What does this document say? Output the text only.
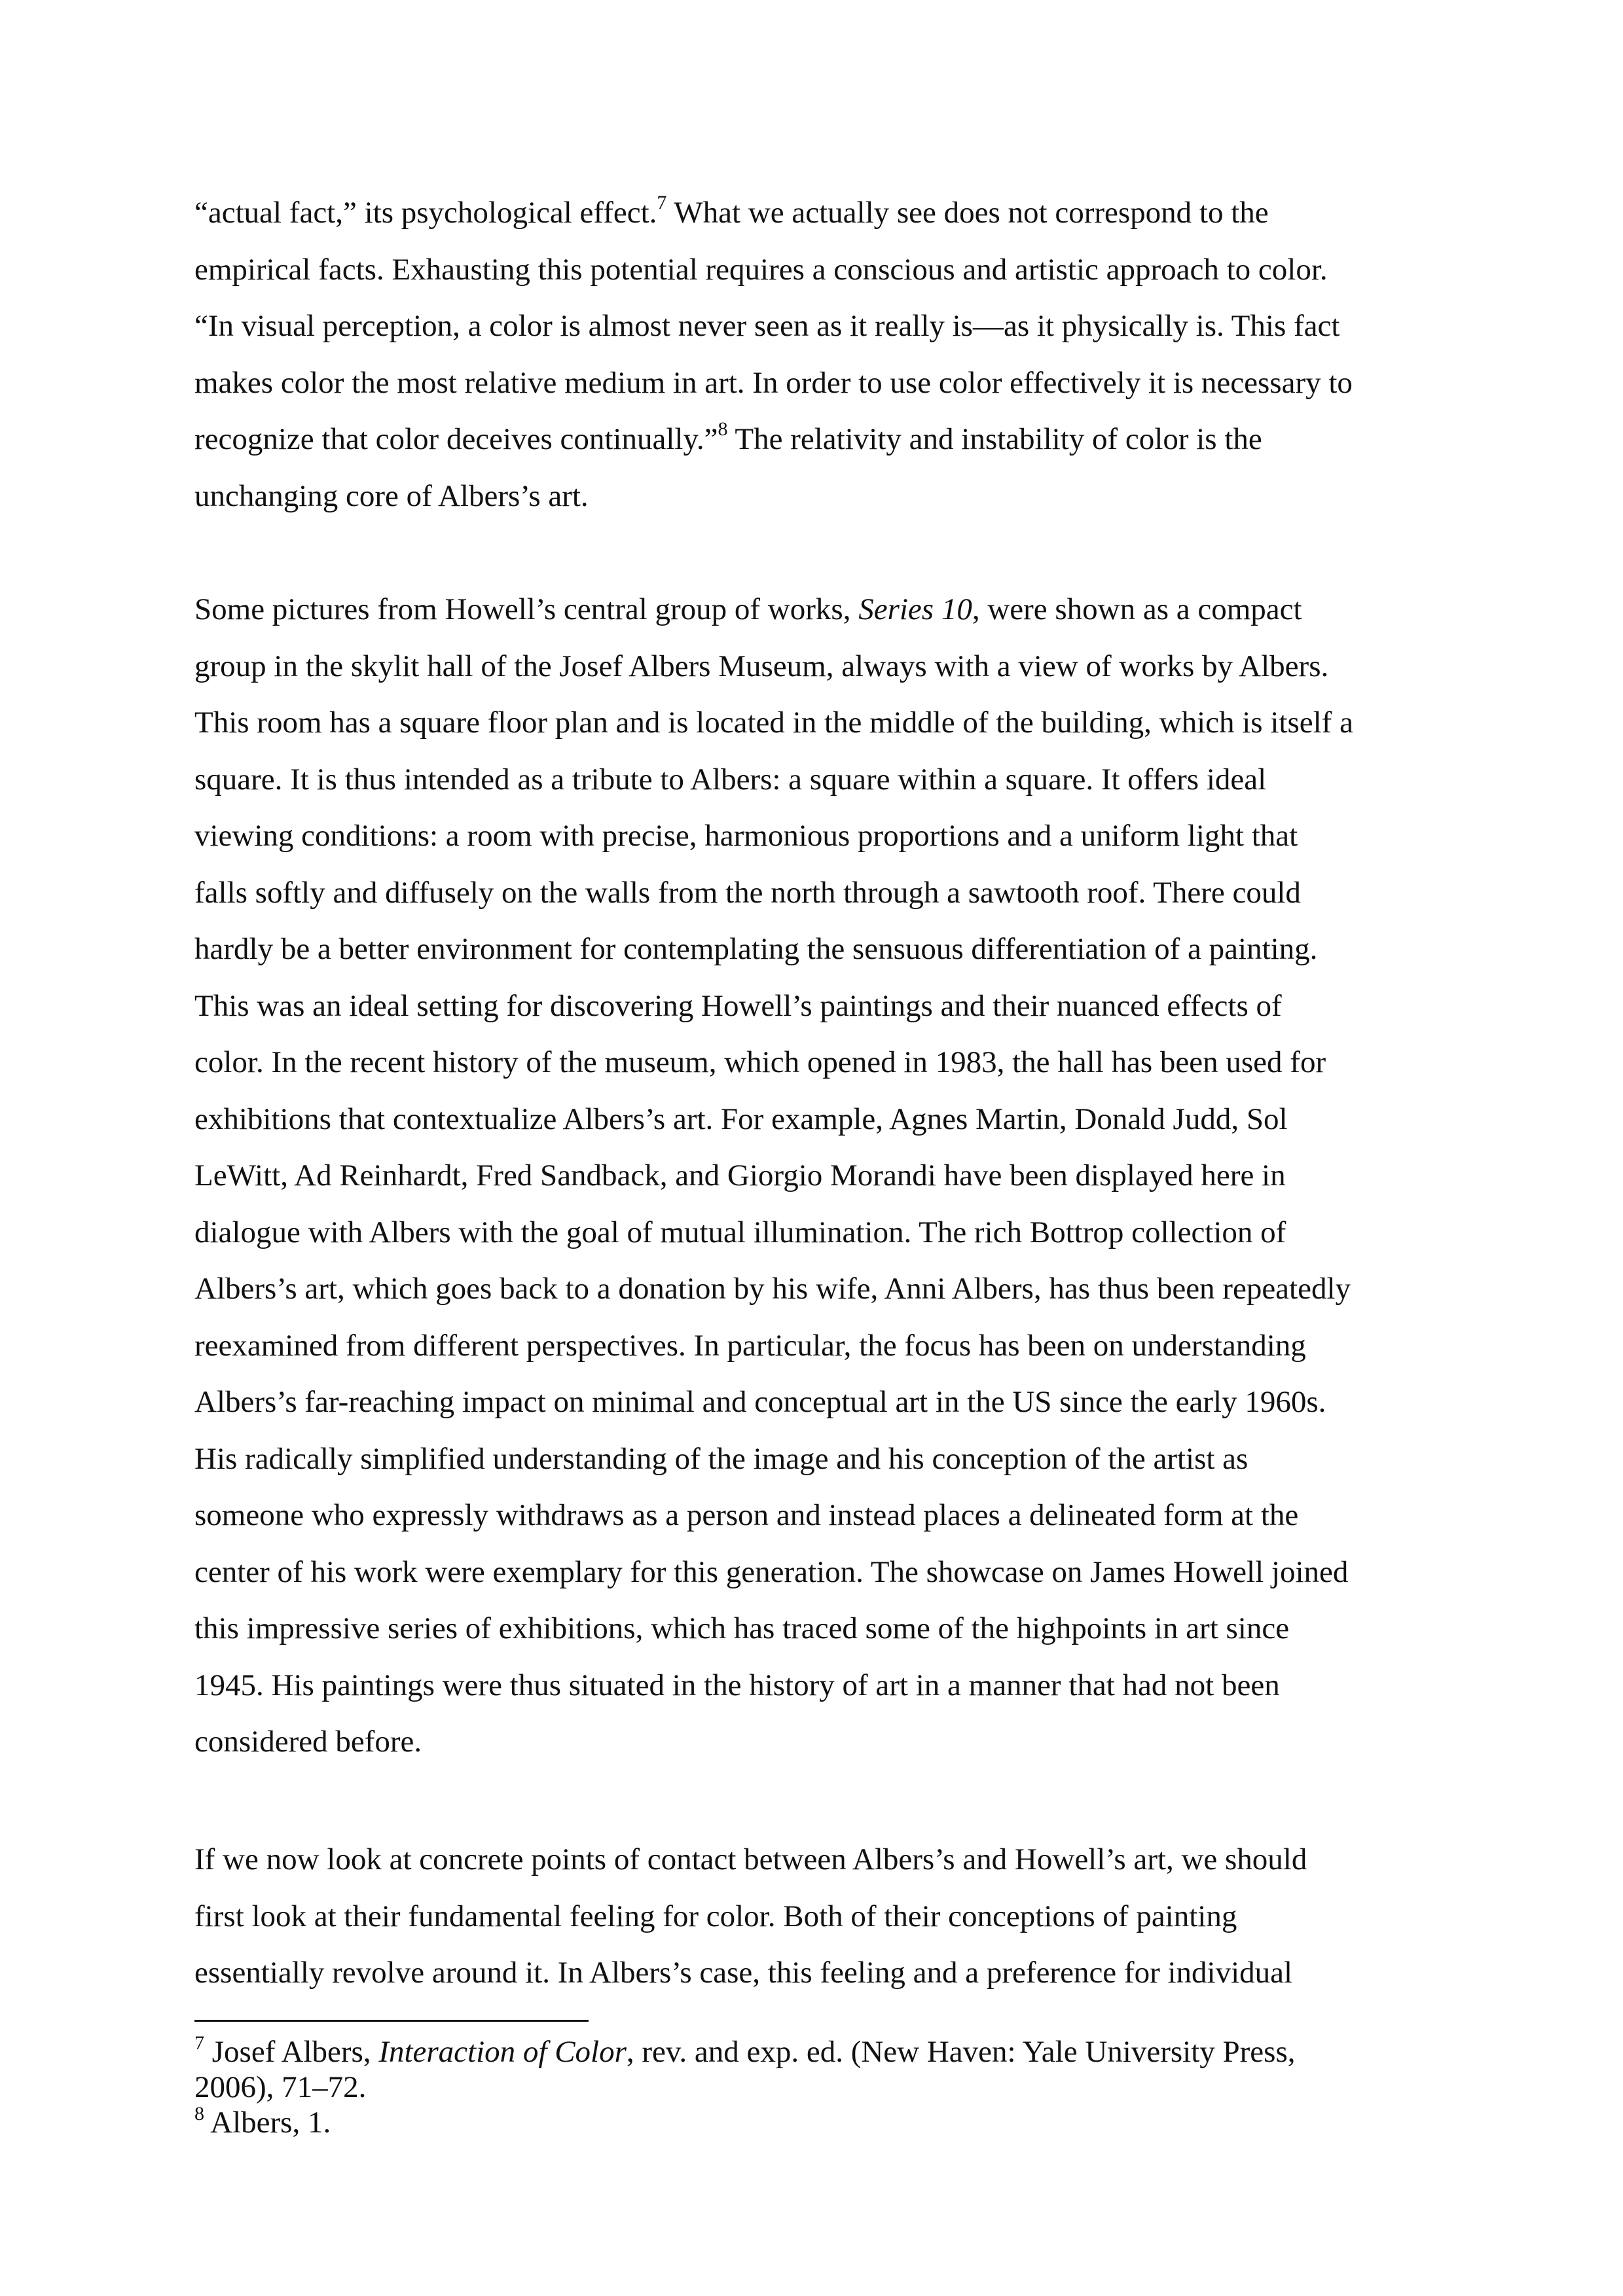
“actual fact,” its psychological effect.$^7$ What we actually see does not correspond to the
empirical facts. Exhausting this potential requires a conscious and artistic approach to color.
“In visual perception, a color is almost never seen as it really is—as it physically is. This fact
makes color the most relative medium in art. In order to use color effectively it is necessary to
recognize that color deceives continually.”$^8$ The relativity and instability of color is the
unchanging core of Albers’s art.

Some pictures from Howell’s central group of works, Series 10, were shown as a compact
group in the skylit hall of the Josef Albers Museum, always with a view of works by Albers.
This room has a square floor plan and is located in the middle of the building, which is itself a
square. It is thus intended as a tribute to Albers: a square within a square. It offers ideal
viewing conditions: a room with precise, harmonious proportions and a uniform light that
falls softly and diffusely on the walls from the north through a sawtooth roof. There could
hardly be a better environment for contemplating the sensuous differentiation of a painting.
This was an ideal setting for discovering Howell’s paintings and their nuanced effects of
color. In the recent history of the museum, which opened in 1983, the hall has been used for
exhibitions that contextualize Albers’s art. For example, Agnes Martin, Donald Judd, Sol
LeWitt, Ad Reinhardt, Fred Sandback, and Giorgio Morandi have been displayed here in
dialogue with Albers with the goal of mutual illumination. The rich Bottrop collection of
Albers’s art, which goes back to a donation by his wife, Anni Albers, has thus been repeatedly
reexamined from different perspectives. In particular, the focus has been on understanding
Albers’s far-reaching impact on minimal and conceptual art in the US since the early 1960s.
His radically simplified understanding of the image and his conception of the artist as
someone who expressly withdraws as a person and instead places a delineated form at the
center of his work were exemplary for this generation. The showcase on James Howell joined
this impressive series of exhibitions, which has traced some of the highpoints in art since
1945. His paintings were thus situated in the history of art in a manner that had not been
considered before.

If we now look at concrete points of contact between Albers’s and Howell’s art, we should
first look at their fundamental feeling for color. Both of their conceptions of painting
essentially revolve around it. In Albers’s case, this feeling and a preference for individual

$^7$ Josef Albers, Interaction of Color, rev. and exp. ed. (New Haven: Yale University Press,
2006), 71–72.
$^8$ Albers, 1.
